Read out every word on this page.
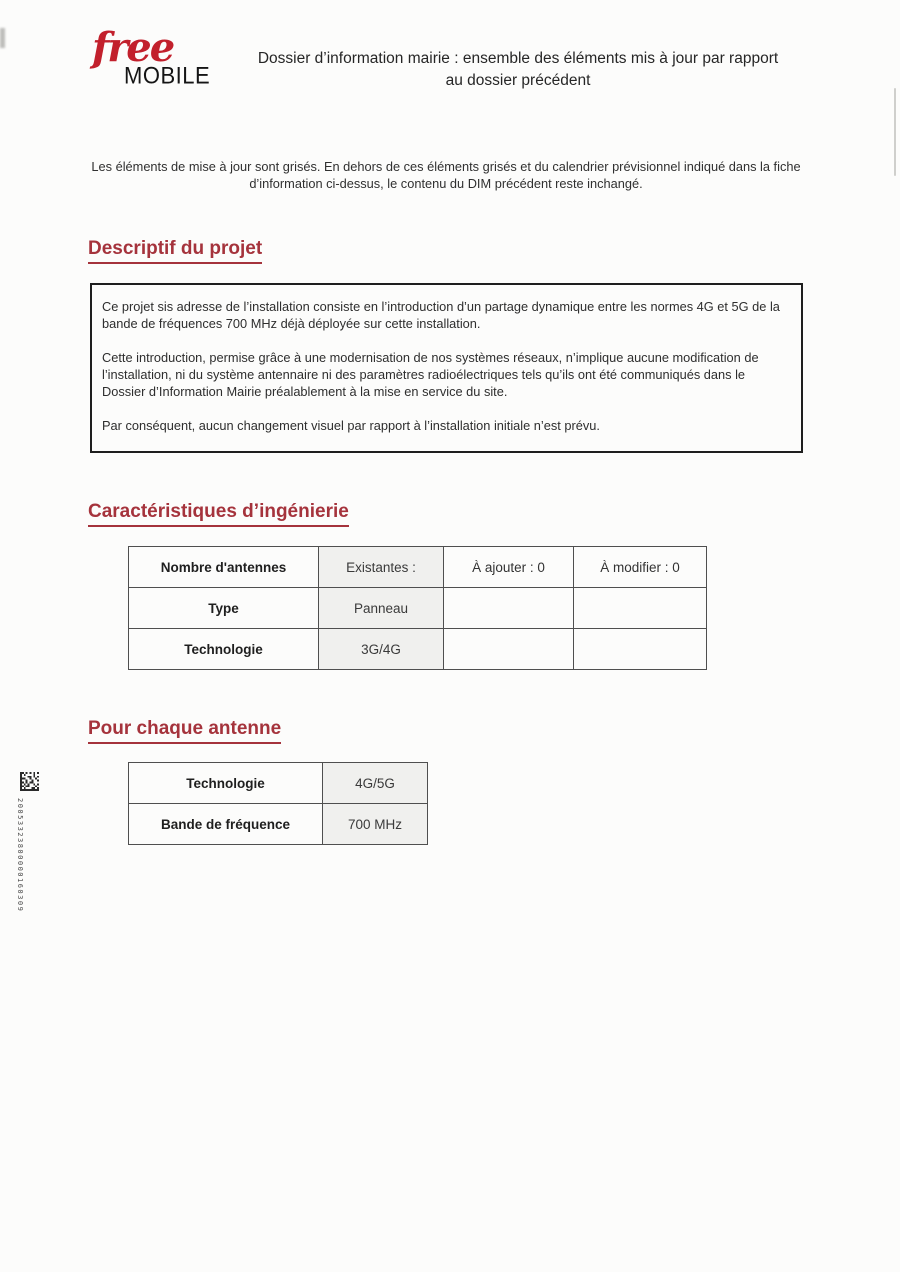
free
MOBILE
Dossier d’information mairie : ensemble des éléments mis à jour par rapport au dossier précédent
Les éléments de mise à jour sont grisés. En dehors de ces éléments grisés et du calendrier prévisionnel indiqué dans la fiche d’information ci-dessus, le contenu du DIM précédent reste inchangé.
Descriptif du projet

Ce projet sis adresse de l’installation consiste en l’introduction d’un partage dynamique entre les normes 4G et 5G de la bande de fréquences 700 MHz déjà déployée sur cette installation.

Cette introduction, permise grâce à une modernisation de nos systèmes réseaux, n’implique aucune modification de l’installation, ni du système antennaire ni des paramètres radioélectriques tels qu’ils ont été communiqués dans le Dossier d’Information Mairie préalablement à la mise en service du site.

Par conséquent, aucun changement visuel par rapport à l’installation initiale n’est prévu.

Caractéristiques d’ingénierie
Nombre d'antennes	Existantes :	À ajouter : 0	À modifier : 0
Type	Panneau		
Technologie	3G/4G		
Pour chaque antenne
Technologie	4G/5G
Bande de fréquence	700 MHz
20053323800000160309
